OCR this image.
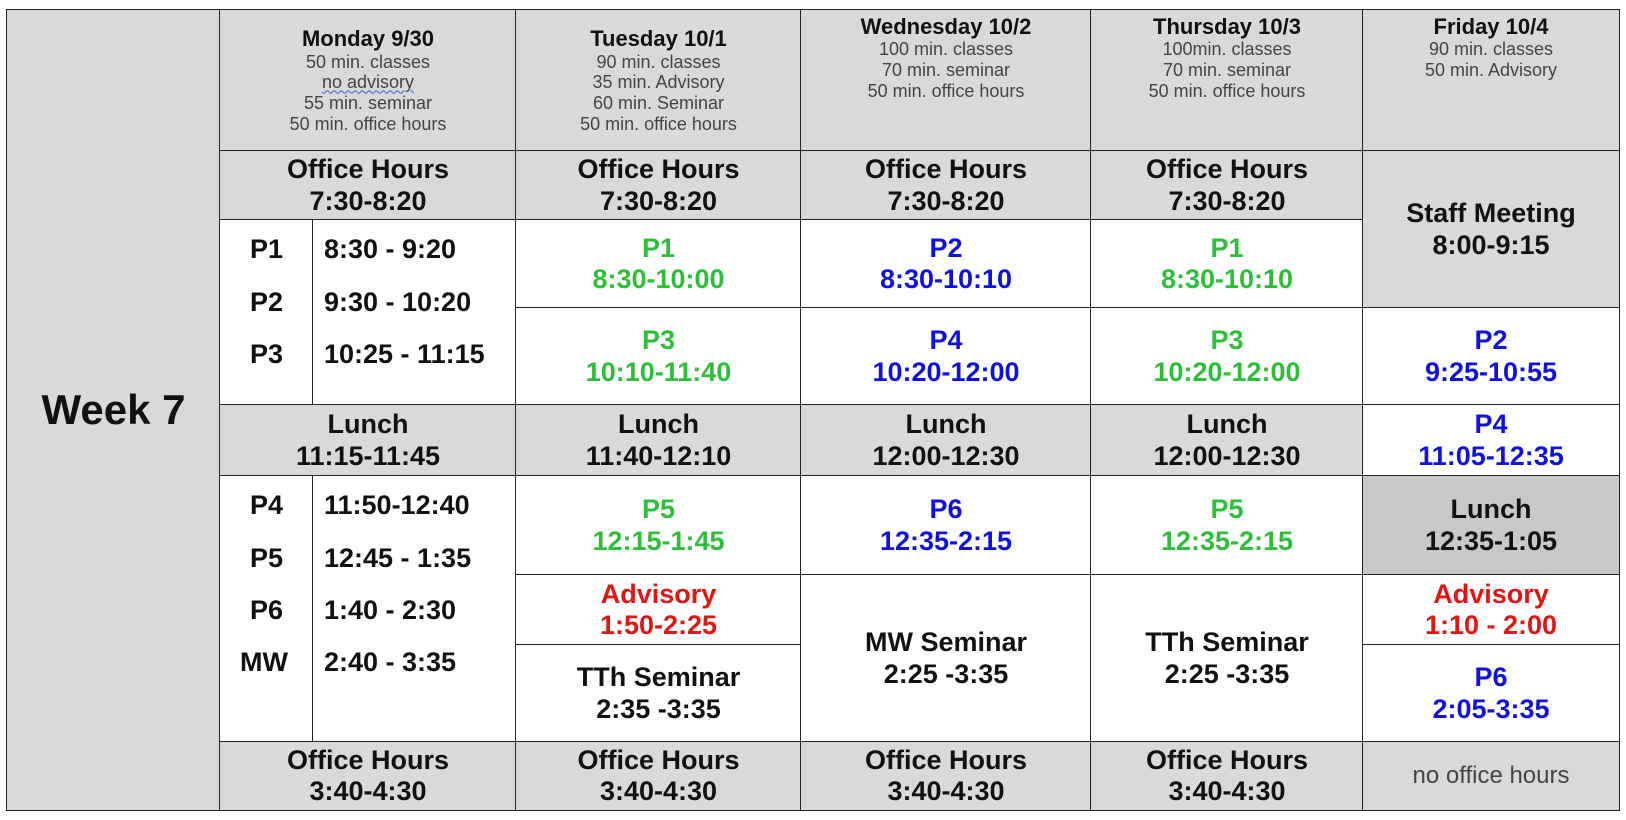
Week 7
Monday 9/30
50 min. classes
no advisory
55 min. seminar
50 min. office hours
Tuesday 10/1
90 min. classes
35 min. Advisory
60 min. Seminar
50 min. office hours
Wednesday 10/2
100 min. classes
70 min. seminar
50 min. office hours
Thursday 10/3
100min. classes
70 min. seminar
50 min. office hours
Friday 10/4
90 min. classes
50 min. Advisory
Office Hours
7:30-8:20
P1 8:30 - 9:20
P2 9:30 - 10:20
P3 10:25 - 11:15
Lunch
11:15-11:45
P4 11:50-12:40
P5 12:45 - 1:35
P6 1:40 - 2:30
MW 2:40 - 3:35
Office Hours
3:40-4:30
Office Hours
7:30-8:20
P1
8:30-10:00
P3
10:10-11:40
Lunch
11:40-12:10
P5
12:15-1:45
Advisory
1:50-2:25
TTh Seminar
2:35 -3:35
Office Hours
3:40-4:30
Office Hours
7:30-8:20
P2
8:30-10:10
P4
10:20-12:00
Lunch
12:00-12:30
P6
12:35-2:15
MW Seminar
2:25 -3:35
Office Hours
3:40-4:30
Office Hours
7:30-8:20
P1
8:30-10:10
P3
10:20-12:00
Lunch
12:00-12:30
P5
12:35-2:15
TTh Seminar
2:25 -3:35
Office Hours
3:40-4:30
Staff Meeting
8:00-9:15
P2
9:25-10:55
P4
11:05-12:35
Lunch
12:35-1:05
Advisory
1:10 - 2:00
P6
2:05-3:35
no office hours
